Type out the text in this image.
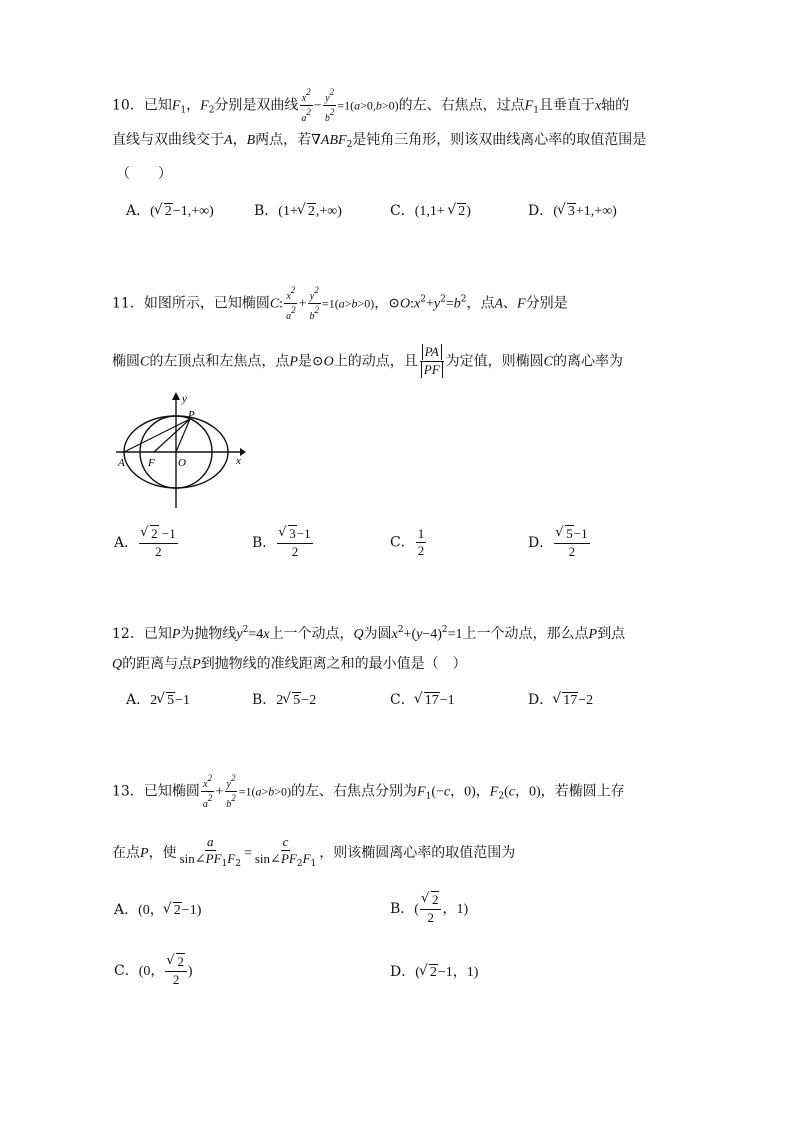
10．已知$F_1$，$F_2$分别是双曲线 $\frac{x^2}{a^2} - \frac{y^2}{b^2} =1(a>0,b>0)$的左、右焦点，过点$F_1$且垂直于x轴的
直线与双曲线交于A，B两点，若$\nabla ABF_2$是钝角三角形，则该双曲线离心率的取值范围是
（　　）
A．( √ 2−1,+∞)	B．(1+ √ 2,+∞)	C．(1,1+ √ 2)	D．( √ 3+1,+∞)
11．如图所示，已知椭圆C: $\frac{x^2}{a^2} + \frac{y^2}{b^2} =1(a>b>0)$，$⊙O:x^2+y^2=b^2$，点A、F分别是
椭圆C的左顶点和左焦点，点P是⊙O上的动点，且 $\frac{PA}{PF}$ 为定值，则椭圆C的离心率为
y
P
A F O	x
A． √ $\frac{2 -1}{2}$	B． √ $\frac{3-1}{2}$	C． $\frac{1}{2}$	D． √ $\frac{5-1}{2}$
12．已知P为抛物线$y^2=4x$上一个动点，Q为圆$x^2+(y-4)^2=1$上一个动点，那么点P到点
Q的距离与点P到抛物线的准线距离之和的最小值是（　）
A．2 √ 5−1	B．2 √ 5−2	C． √ 17−1	D． √ 17−2
13．已知椭圆 $\frac{x^2}{a^2} + \frac{y^2}{b^2} =1(a>b>0)$的左、右焦点分别为$F_1(-c$，0)，$F_2(c$，0)，若椭圆上存
在点P，使 $\frac{a}{\sin\angle PF_1F_2} = \frac{c}{\sin\angle PF_2F_1}$ ，则该椭圆离心率的取值范围为
A．(0， √ 2−1)	B．( √ $\frac{2}{2}$ ，1)
C．(0， √ $\frac{2}{2}$ )	D．( √ 2−1，1)
